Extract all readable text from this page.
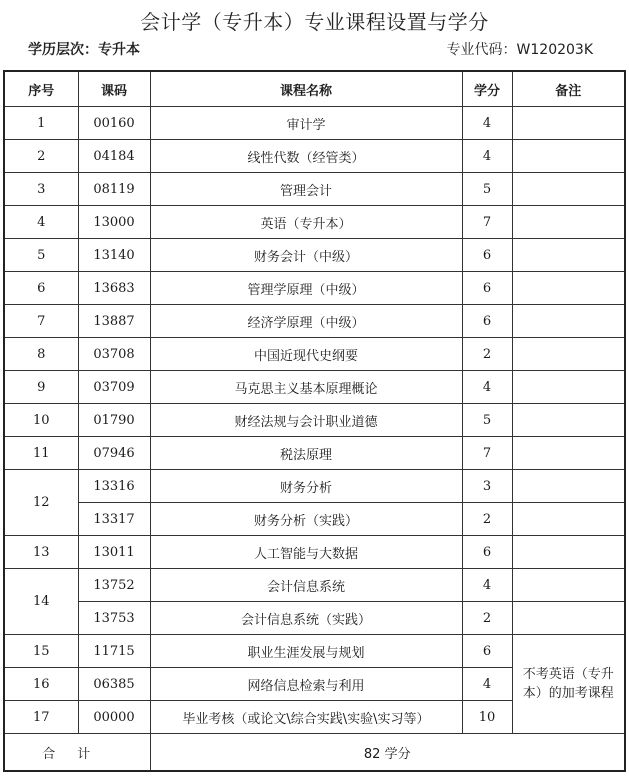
会计学（专升本）专业课程设置与学分
学历层次：专升本	专业代码：W120203K
序号	课码	课程名称	学分	备注
1	00160	审计学	4	
2	04184	线性代数（经管类）	4	
3	08119	管理会计	5	
4	13000	英语（专升本）	7	
5	13140	财务会计（中级）	6	
6	13683	管理学原理（中级）	6	
7	13887	经济学原理（中级）	6	
8	03708	中国近现代史纲要	2	
9	03709	马克思主义基本原理概论	4	
10	01790	财经法规与会计职业道德	5	
11	07946	税法原理	7	
12	13316	财务分析	3	
	13317	财务分析（实践）	2	
13	13011	人工智能与大数据	6	
14	13752	会计信息系统	4	
	13753	会计信息系统（实践）	2	
15	11715	职业生涯发展与规划	6	不考英语（专升本）的加考课程
16	06385	网络信息检索与利用	4	
17	00000	毕业考核（或论文\综合实践\实验\实习等）	10	
合计		82 学分		
